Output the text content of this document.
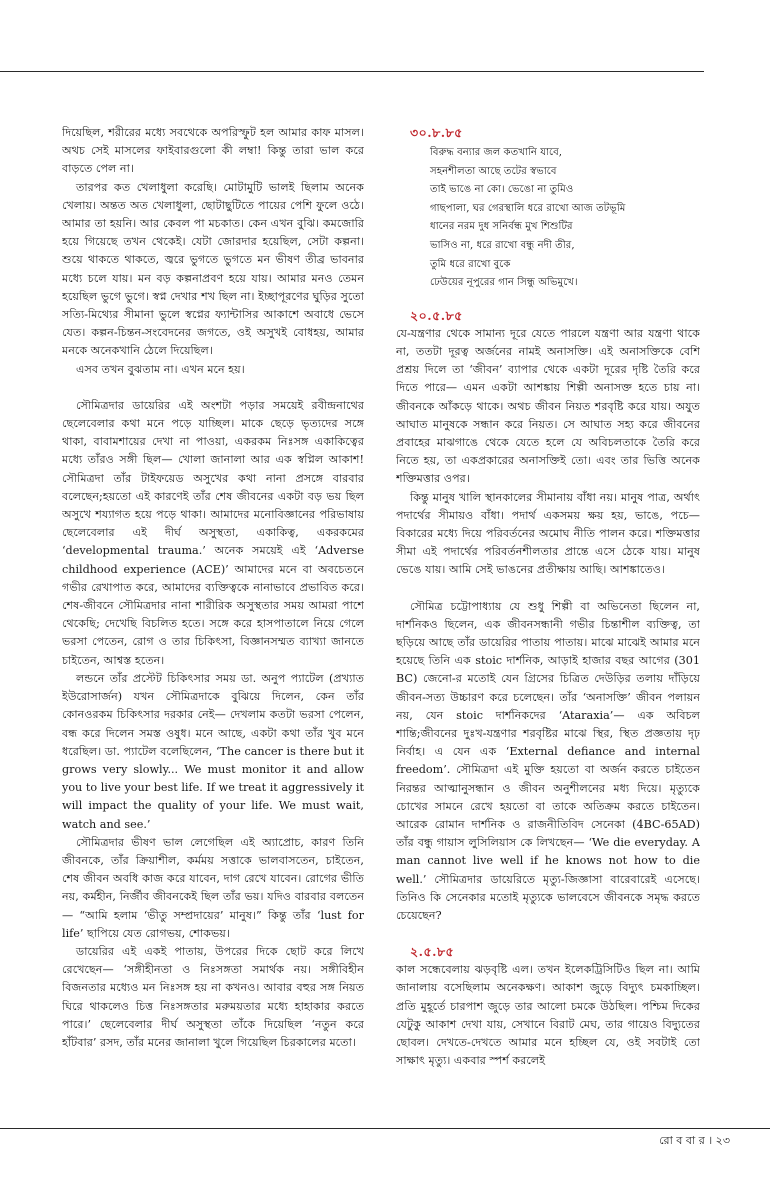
দিয়েছিল, শরীরের মধ্যে সবথেকে অপরিস্ফুট হল আমার কাফ মাসল। অথচ সেই মাসলের ফাইবারগুলো কী লম্বা! কিন্তু তারা ভাল করে বাড়তে পেল না।

তারপর কত খেলাধুলা করেছি। মোটামুটি ভালই ছিলাম অনেক খেলায়। অন্তত অত খেলাধুলা, ছোটাছুটিতে পায়ের পেশি ফুলে ওঠে। আমার তা হয়নি। আর কেবল পা মচকাত। কেন এখন বুঝি। কমজোরি হয়ে গিয়েছে তখন থেকেই। যেটা জোরদার হয়েছিল, সেটা কল্পনা। শুয়ে থাকতে থাকতে, জ্বরে ভুগতে ভুগতে মন ভীষণ তীব্র ভাবনার মধ্যে চলে যায়। মন বড় কল্পনাপ্রবণ হয়ে যায়। আমার মনও তেমন হয়েছিল ভুগে ভুগে। স্বপ্ন দেখার শখ ছিল না। ইচ্ছাপূরণের ঘুড়ির সুতো সত্যি-মিথ্যের সীমানা ভুলে স্বপ্নের ফ্যান্টাসির আকাশে অবাধে ভেসে যেত। কল্পন-চিন্তন-সংবেদনের জগতে, ওই অসুখই বোধহয়, আমার মনকে অনেকখানি ঠেলে দিয়েছিল।

এসব তখন বুঝতাম না। এখন মনে হয়।

সৌমিত্রদার ডায়েরির এই অংশটা পড়ার সময়েই রবীন্দ্রনাথের ছেলেবেলার কথা মনে পড়ে যাচ্ছিল। মাকে ছেড়ে ভৃত্যদের সঙ্গে থাকা, বাবামশায়ের দেখা না পাওয়া, একরকম নিঃসঙ্গ একাকিত্বের মধ্যে তাঁরও সঙ্গী ছিল— খোলা জানালা আর এক স্বপ্নিল আকাশ! সৌমিত্রদা তাঁর টাইফয়েড অসুখের কথা নানা প্রসঙ্গে বারবার বলেছেন;হয়তো এই কারণেই তাঁর শেষ জীবনের একটা বড় ভয় ছিল অসুখে শয্যাগত হয়ে পড়ে থাকা। আমাদের মনোবিজ্ঞানের পরিভাষায় ছেলেবেলার এই দীর্ঘ অসুস্থতা, একাকিত্ব, একরকমের ‘developmental trauma.’ অনেক সময়েই এই ‘Adverse childhood experience (ACE)’ আমাদের মনে বা অবচেতনে গভীর রেখাপাত করে, আমাদের ব্যক্তিত্বকে নানাভাবে প্রভাবিত করে। শেষ-জীবনে সৌমিত্রদার নানা শারীরিক অসুস্থতার সময় আমরা পাশে থেকেছি; দেখেছি বিচলিত হতে। সঙ্গে করে হাসপাতালে নিয়ে গেলে ভরসা পেতেন, রোগ ও তার চিকিৎসা, বিজ্ঞানসম্মত ব্যাখ্যা জানতে চাইতেন, আশ্বস্ত হতেন।

লন্ডনে তাঁর প্রস্টেট চিকিৎসার সময় ডা. অনুপ প্যাটেল (প্রখ্যাত ইউরোসার্জন) যখন সৌমিত্রদাকে বুঝিয়ে দিলেন, কেন তাঁর কোনওরকম চিকিৎসার দরকার নেই— দেখলাম কতটা ভরসা পেলেন, বন্ধ করে দিলেন সমস্ত ওষুধ। মনে আছে, একটা কথা তাঁর খুব মনে ধরেছিল। ডা. প্যাটেল বলেছিলেন, ‘The cancer is there but it grows very slowly... We must monitor it and allow you to live your best life. If we treat it aggressively it will impact the quality of your life. We must wait, watch and see.’

সৌমিত্রদার ভীষণ ভাল লেগেছিল এই অ্যাপ্রোচ, কারণ তিনি জীবনকে, তাঁর ক্রিয়াশীল, কর্মময় সত্তাকে ভালবাসতেন, চাইতেন, শেষ জীবন অবধি কাজ করে যাবেন, দাগ রেখে যাবেন। রোগের ভীতি নয়, কর্মহীন, নির্জীব জীবনকেই ছিল তাঁর ভয়। যদিও বারবার বলতেন— “আমি হলাম ‘ভীতু সম্প্রদায়ের’ মানুষ।” কিন্তু তাঁর ‘lust for life’ ছাপিয়ে যেত রোগভয়, শোকভয়।

ডায়েরির এই একই পাতায়, উপরের দিকে ছোট করে লিখে রেখেছেন— ‘সঙ্গীহীনতা ও নিঃসঙ্গতা সমার্থক নয়। সঙ্গীবিহীন বিজনতার মধ্যেও মন নিঃসঙ্গ হয় না কখনও। আবার বহুর সঙ্গ নিয়ত ঘিরে থাকলেও চিত্ত নিঃসঙ্গতার মরুময়তার মধ্যে হাহাকার করতে পারে।’ ছেলেবেলার দীর্ঘ অসুস্থতা তাঁকে দিয়েছিল ‘নতুন করে হাঁটবার’ রসদ, তাঁর মনের জানালা খুলে গিয়েছিল চিরকালের মতো।

৩০.৮.৮৫

বিরুদ্ধ বন্যার জল কতখানি যাবে,
সহনশীলতা আছে তটের স্বভাবে
তাই ভাঙে না কো। ভেঙো না তুমিও
গাছপালা, ঘর গেরস্থালি ধরে রাখো আজ তটভূমি
ধানের নরম দুধ সনির্বন্ধ মুখ শিশুটির
ভাসিও না, ধরে রাখো বন্ধু নদী তীর,
তুমি ধরে রাখো বুকে
ঢেউয়ের নূপুরের গান সিন্ধু অভিমুখে।

২০.৫.৮৫

যে-যন্ত্রণার থেকে সামান্য দূরে যেতে পারলে যন্ত্রণা আর যন্ত্রণা থাকে না, ততটা দূরত্ব অর্জনের নামই অনাসক্তি। এই অনাসক্তিকে বেশি প্রশ্রয় দিলে তা ‘জীবন’ ব্যাপার থেকে একটা দূরের দৃষ্টি তৈরি করে দিতে পারে— এমন একটা আশঙ্কায় শিল্পী অনাসক্ত হতে চায় না। জীবনকে আঁকড়ে থাকে। অথচ জীবন নিয়ত শরবৃষ্টি করে যায়। অযুত আঘাত মানুষকে সন্ধান করে নিয়ত। সে আঘাত সহ্য করে জীবনের প্রবাহের মাঝগাঙে থেকে যেতে হলে যে অবিচলতাকে তৈরি করে নিতে হয়, তা একপ্রকারের অনাসক্তিই তো। এবং তার ভিত্তি অনেক শক্তিমত্তার ওপর।

কিন্তু মানুষ খালি স্থানকালের সীমানায় বাঁধা নয়। মানুষ পাত্র, অর্থাৎ পদার্থের সীমায়ও বাঁধা। পদার্থ একসময় ক্ষয় হয়, ভাঙে, পচে— বিকারের মধ্যে দিয়ে পরিবর্তনের অমোঘ নীতি পালন করে। শক্তিমত্তার সীমা এই পদার্থের পরিবর্তনশীলতার প্রান্তে এসে ঠেকে যায়। মানুষ ভেঙে যায়। আমি সেই ভাঙনের প্রতীক্ষায় আছি। আশঙ্কাতেও।

সৌমিত্র চট্টোপাধ্যায় যে শুধু শিল্পী বা অভিনেতা ছিলেন না, দার্শনিকও ছিলেন, এক জীবনসন্ধানী গভীর চিন্তাশীল ব্যক্তিত্ব, তা ছড়িয়ে আছে তাঁর ডায়েরির পাতায় পাতায়। মাঝে মাঝেই আমার মনে হয়েছে তিনি এক stoic দার্শনিক, আড়াই হাজার বছর আগের (301 BC) জেনো-র মতোই যেন গ্রিসের চিত্রিত দেউড়ির তলায় দাঁড়িয়ে জীবন-সত্য উচ্চারণ করে চলেছেন। তাঁর ‘অনাসক্তি’ জীবন পলায়ন নয়, যেন stoic দার্শনিকদের ‘Ataraxia’— এক অবিচল শান্তি;জীবনের দুঃখ-যন্ত্রণার শরবৃষ্টির মাঝে স্থির, স্থিত প্রজ্ঞতায় দৃঢ় নির্বাহ। এ যেন এক ‘External defiance and internal freedom’. সৌমিত্রদা এই মুক্তি হয়তো বা অর্জন করতে চাইতেন নিরন্তর আত্মানুসন্ধান ও জীবন অনুশীলনের মধ্য দিয়ে। মৃত্যুকে চোখের সামনে রেখে হয়তো বা তাকে অতিক্রম করতে চাইতেন। আরেক রোমান দার্শনিক ও রাজনীতিবিদ সেনেকা (4BC-65AD) তাঁর বন্ধু গায়াস লুসিলিয়াস কে লিখছেন— ‘We die everyday. A man cannot live well if he knows not how to die well.’ সৌমিত্রদার ডায়েরিতে মৃত্যু-জিজ্ঞাসা বারেবারেই এসেছে। তিনিও কি সেনেকার মতোই মৃত্যুকে ভালবেসে জীবনকে সমৃদ্ধ করতে চেয়েছেন?

২.৫.৮৫

কাল সন্ধেবেলায় ঝড়বৃষ্টি এল। তখন ইলেকট্রিসিটিও ছিল না। আমি জানালায় বসেছিলাম অনেকক্ষণ। আকাশ জুড়ে বিদ্যুৎ চমকাচ্ছিল। প্রতি মুহূর্তে চারপাশ জুড়ে তার আলো চমকে উঠছিল। পশ্চিম দিকের যেটুকু আকাশ দেখা যায়, সেখানে বিরাট মেঘ, তার গায়েও বিদ্যুতের ছোবল। দেখতে-দেখতে আমার মনে হচ্ছিল যে, ওই সবটাই তো সাক্ষাৎ মৃত্যু। একবার স্পর্শ করলেই

রো ব বা র । ২৩
